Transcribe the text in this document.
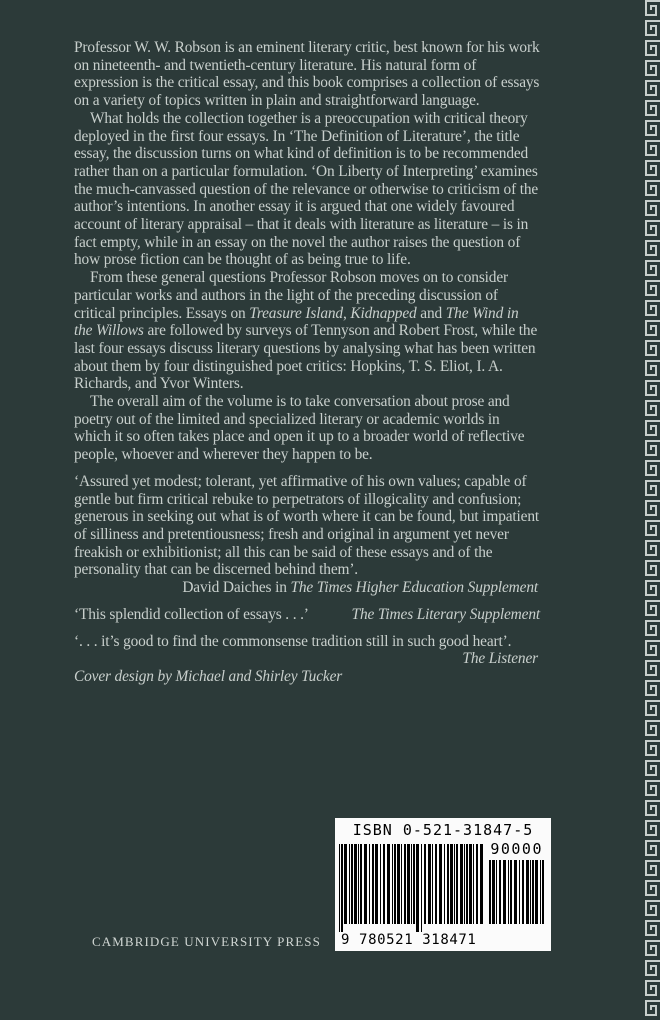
Professor W. W. Robson is an eminent literary critic, best known for his work on nineteenth- and twentieth-century literature. His natural form of expression is the critical essay, and this book comprises a collection of essays on a variety of topics written in plain and straightforward language.

What holds the collection together is a preoccupation with critical theory deployed in the first four essays. In ‘The Definition of Literature’, the title essay, the discussion turns on what kind of definition is to be recommended rather than on a particular formulation. ‘On Liberty of Interpreting’ examines the much-canvassed question of the relevance or otherwise to criticism of the author’s intentions. In another essay it is argued that one widely favoured account of literary appraisal – that it deals with literature as literature – is in fact empty, while in an essay on the novel the author raises the question of how prose fiction can be thought of as being true to life.

From these general questions Professor Robson moves on to consider particular works and authors in the light of the preceding discussion of critical principles. Essays on Treasure Island, Kidnapped and The Wind in the Willows are followed by surveys of Tennyson and Robert Frost, while the last four essays discuss literary questions by analysing what has been written about them by four distinguished poet critics: Hopkins, T. S. Eliot, I. A. Richards, and Yvor Winters.

The overall aim of the volume is to take conversation about prose and poetry out of the limited and specialized literary or academic worlds in which it so often takes place and open it up to a broader world of reflective people, whoever and wherever they happen to be.

‘Assured yet modest; tolerant, yet affirmative of his own values; capable of gentle but firm critical rebuke to perpetrators of illogicality and confusion; generous in seeking out what is of worth where it can be found, but impatient of silliness and pretentiousness; fresh and original in argument yet never freakish or exhibitionist; all this can be said of these essays and of the personality that can be discerned behind them’.

David Daiches in The Times Higher Education Supplement
‘This splendid collection of essays . . .’	The Times Literary Supplement

‘. . . it’s good to find the commonsense tradition still in such good heart’.

The Listener

Cover design by Michael and Shirley Tucker

ISBN 0-521-31847-5
90000
9 780521 318471
CAMBRIDGE UNIVERSITY PRESS
